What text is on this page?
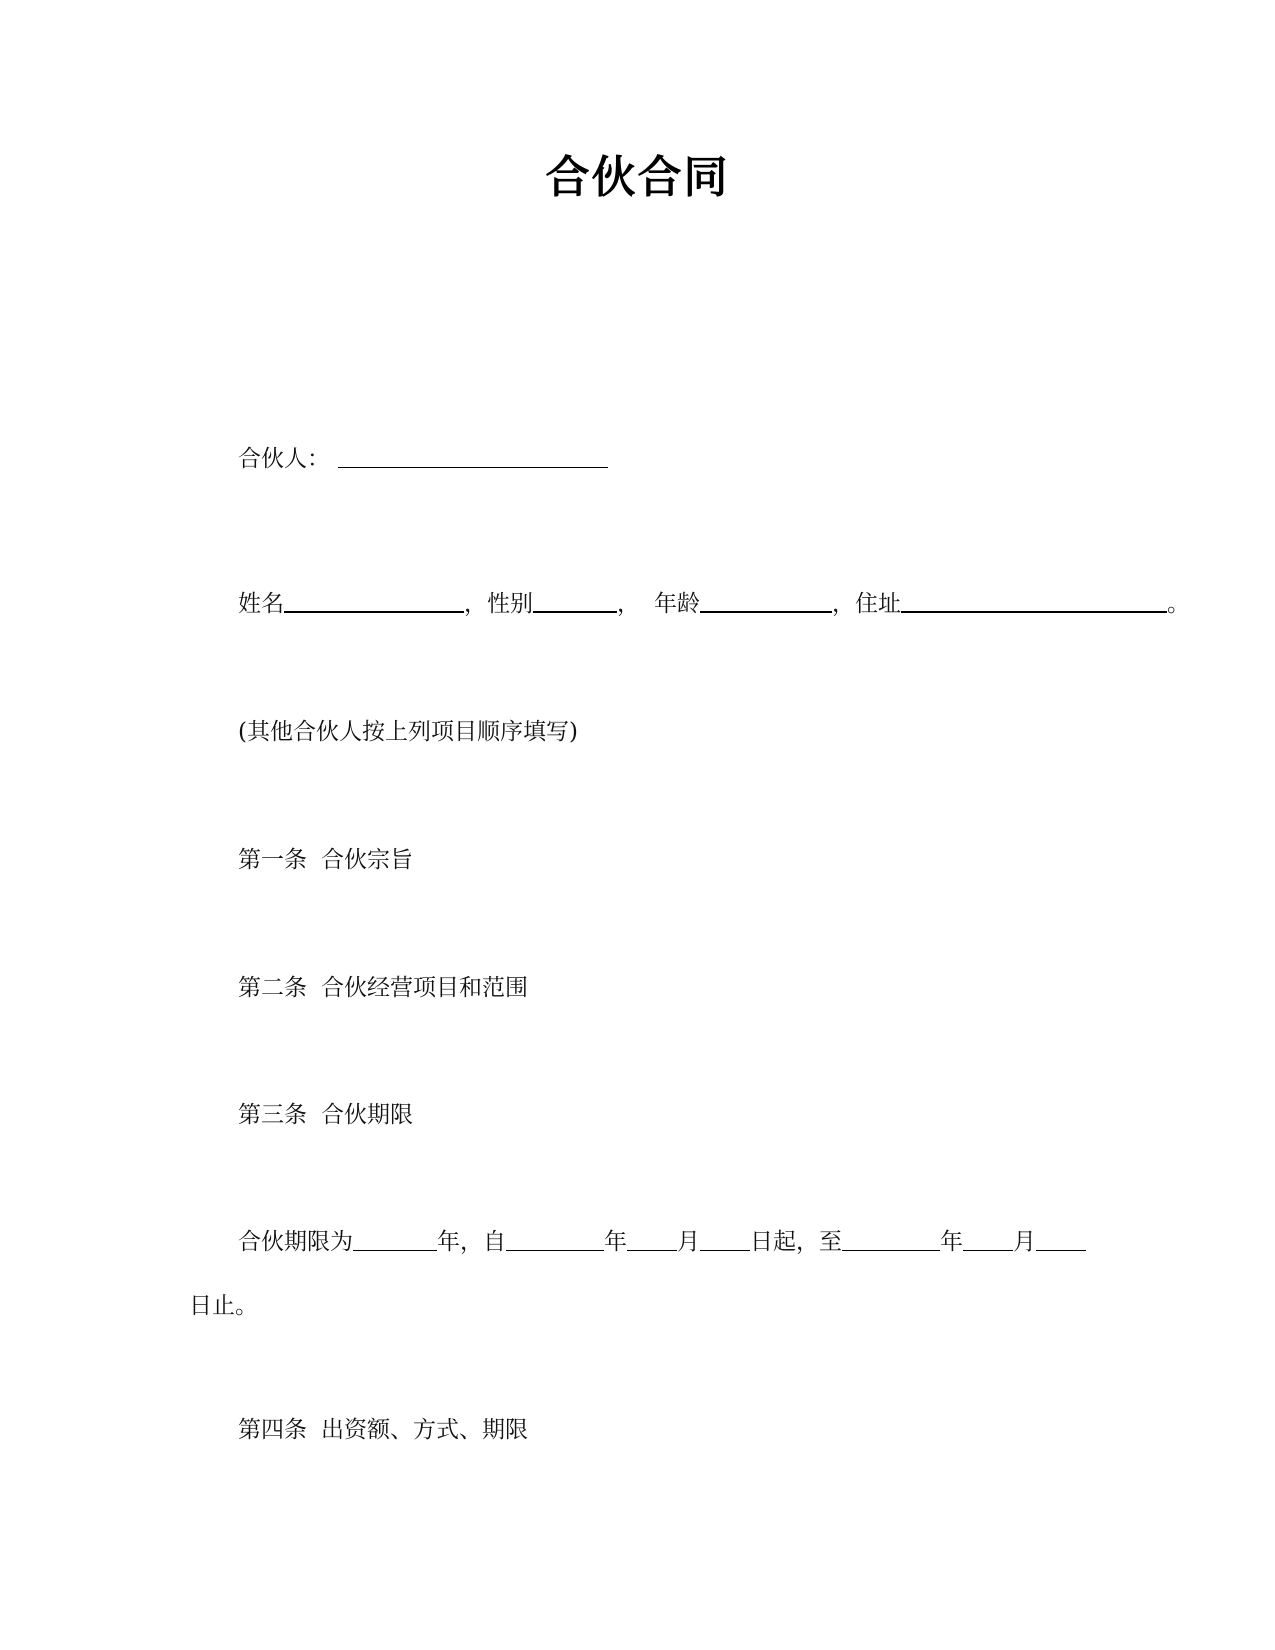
合伙合同
合伙人：
姓名	，性别	， 年龄	，住址	。
(其他合伙人按上列项目顺序填写)
第一条 合伙宗旨
第二条 合伙经营项目和范围
第三条 合伙期限
合伙期限为	年，自	年 月 日起，至	年 月
日止。
第四条 出资额、方式、期限
